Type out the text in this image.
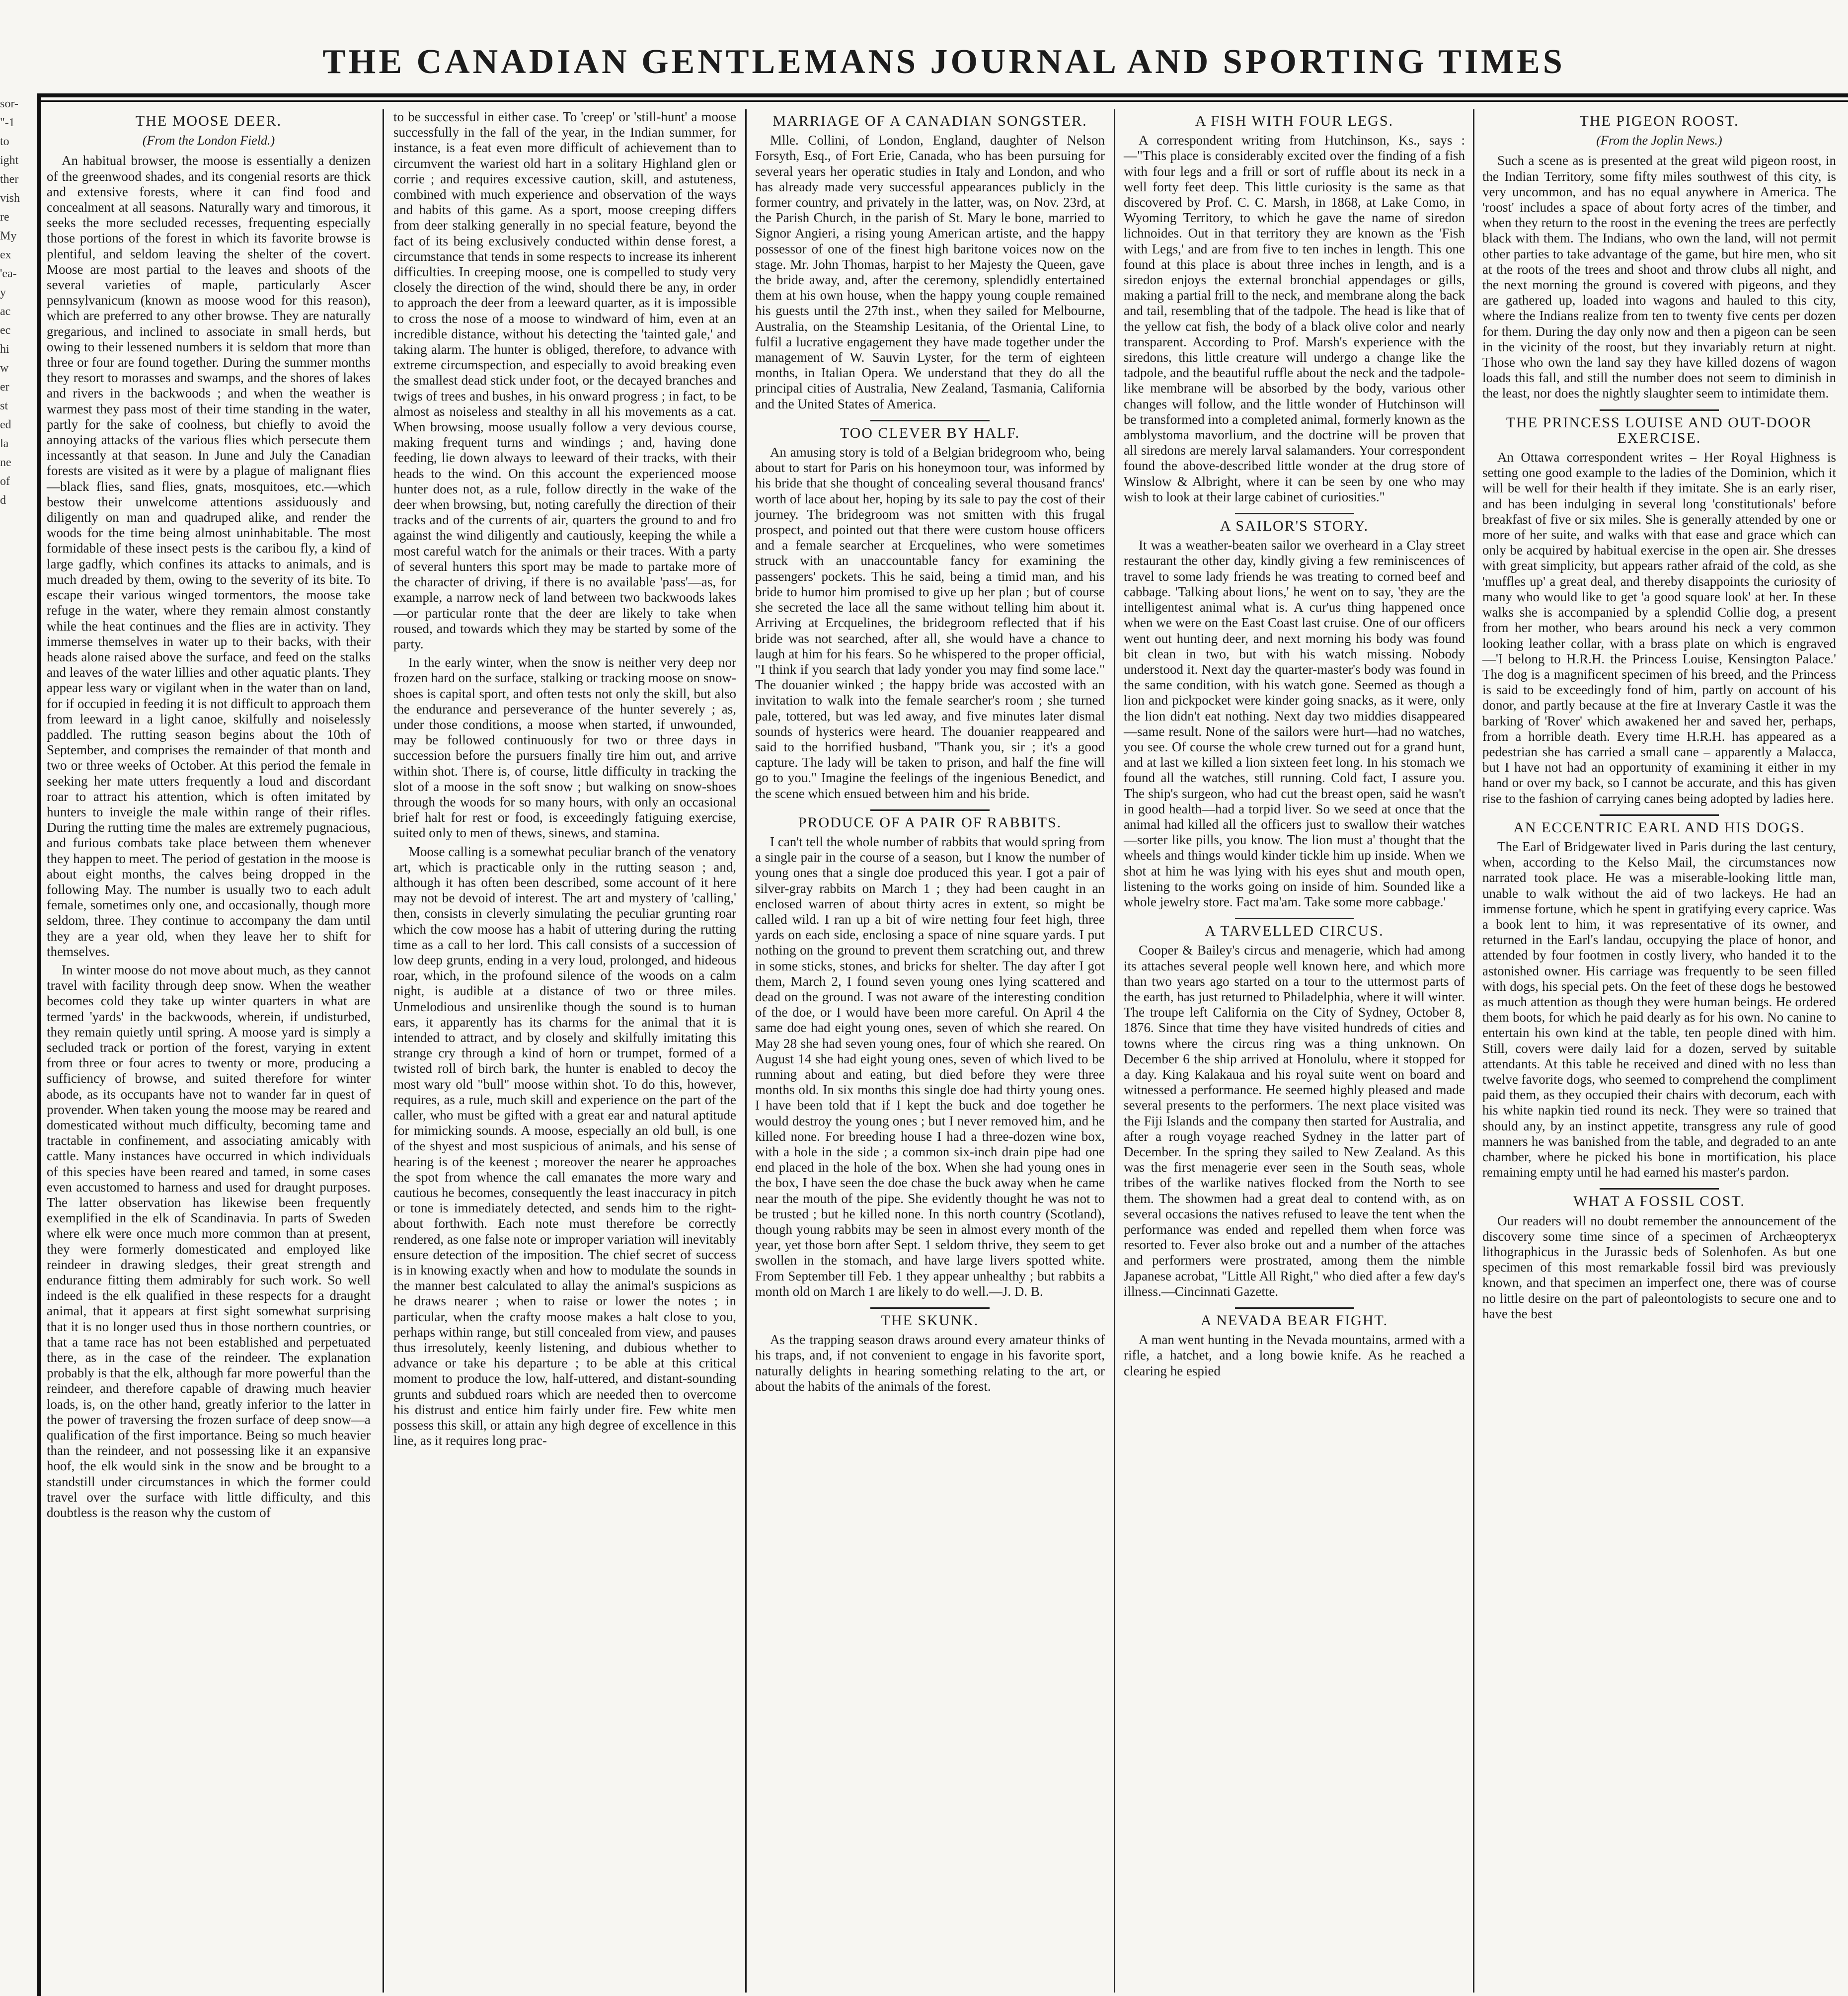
sor-
"-1
to
ight
ther
vish
re
My
ex
'ea-
y
ac
ec
hi
w
er
st
ed
la
ne
of
d
THE CANADIAN GENTLEMANS JOURNAL AND SPORTING TIMES
THE MOOSE DEER.
(From the London Field.)

An habitual browser, the moose is essentially a denizen of the greenwood shades, and its congenial resorts are thick and extensive forests, where it can find food and concealment at all seasons. Naturally wary and timorous, it seeks the more secluded recesses, frequenting especially those portions of the forest in which its favorite browse is plentiful, and seldom leaving the shelter of the covert. Moose are most partial to the leaves and shoots of the several varieties of maple, particularly Ascer pennsylvanicum (known as moose wood for this reason), which are preferred to any other browse. They are naturally gregarious, and inclined to associate in small herds, but owing to their lessened numbers it is seldom that more than three or four are found together. During the summer months they resort to morasses and swamps, and the shores of lakes and rivers in the backwoods ; and when the weather is warmest they pass most of their time standing in the water, partly for the sake of coolness, but chiefly to avoid the annoying attacks of the various flies which persecute them incessantly at that season. In June and July the Canadian forests are visited as it were by a plague of malignant flies—black flies, sand flies, gnats, mosquitoes, etc.—which bestow their unwelcome attentions assiduously and diligently on man and quadruped alike, and render the woods for the time being almost uninhabitable. The most formidable of these insect pests is the caribou fly, a kind of large gadfly, which confines its attacks to animals, and is much dreaded by them, owing to the severity of its bite. To escape their various winged tormentors, the moose take refuge in the water, where they remain almost constantly while the heat continues and the flies are in activity. They immerse themselves in water up to their backs, with their heads alone raised above the surface, and feed on the stalks and leaves of the water lillies and other aquatic plants. They appear less wary or vigilant when in the water than on land, for if occupied in feeding it is not difficult to approach them from leeward in a light canoe, skilfully and noiselessly paddled. The rutting season begins about the 10th of September, and comprises the remainder of that month and two or three weeks of October. At this period the female in seeking her mate utters frequently a loud and discordant roar to attract his attention, which is often imitated by hunters to inveigle the male within range of their rifles. During the rutting time the males are extremely pugnacious, and furious combats take place between them whenever they happen to meet. The period of gestation in the moose is about eight months, the calves being dropped in the following May. The number is usually two to each adult female, sometimes only one, and occasionally, though more seldom, three. They continue to accompany the dam until they are a year old, when they leave her to shift for themselves.

In winter moose do not move about much, as they cannot travel with facility through deep snow. When the weather becomes cold they take up winter quarters in what are termed 'yards' in the backwoods, wherein, if undisturbed, they remain quietly until spring. A moose yard is simply a secluded track or portion of the forest, varying in extent from three or four acres to twenty or more, producing a sufficiency of browse, and suited therefore for winter abode, as its occupants have not to wander far in quest of provender. When taken young the moose may be reared and domesticated without much difficulty, becoming tame and tractable in confinement, and associating amicably with cattle. Many instances have occurred in which individuals of this species have been reared and tamed, in some cases even accustomed to harness and used for draught purposes. The latter observation has likewise been frequently exemplified in the elk of Scandinavia. In parts of Sweden where elk were once much more common than at present, they were formerly domesticated and employed like reindeer in drawing sledges, their great strength and endurance fitting them admirably for such work. So well indeed is the elk qualified in these respects for a draught animal, that it appears at first sight somewhat surprising that it is no longer used thus in those northern countries, or that a tame race has not been established and perpetuated there, as in the case of the reindeer. The explanation probably is that the elk, although far more powerful than the reindeer, and therefore capable of drawing much heavier loads, is, on the other hand, greatly inferior to the latter in the power of traversing the frozen surface of deep snow—a qualification of the first importance. Being so much heavier than the reindeer, and not possessing like it an expansive hoof, the elk would sink in the snow and be brought to a standstill under circumstances in which the former could travel over the surface with little difficulty, and this doubtless is the reason why the custom of

to be successful in either case. To 'creep' or 'still-hunt' a moose successfully in the fall of the year, in the Indian summer, for instance, is a feat even more difficult of achievement than to circumvent the wariest old hart in a solitary Highland glen or corrie ; and requires excessive caution, skill, and astuteness, combined with much experience and observation of the ways and habits of this game. As a sport, moose creeping differs from deer stalking generally in no special feature, beyond the fact of its being exclusively conducted within dense forest, a circumstance that tends in some respects to increase its inherent difficulties. In creeping moose, one is compelled to study very closely the direction of the wind, should there be any, in order to approach the deer from a leeward quarter, as it is impossible to cross the nose of a moose to windward of him, even at an incredible distance, without his detecting the 'tainted gale,' and taking alarm. The hunter is obliged, therefore, to advance with extreme circumspection, and especially to avoid breaking even the smallest dead stick under foot, or the decayed branches and twigs of trees and bushes, in his onward progress ; in fact, to be almost as noiseless and stealthy in all his movements as a cat. When browsing, moose usually follow a very devious course, making frequent turns and windings ; and, having done feeding, lie down always to leeward of their tracks, with their heads to the wind. On this account the experienced moose hunter does not, as a rule, follow directly in the wake of the deer when browsing, but, noting carefully the direction of their tracks and of the currents of air, quarters the ground to and fro against the wind diligently and cautiously, keeping the while a most careful watch for the animals or their traces. With a party of several hunters this sport may be made to partake more of the character of driving, if there is no available 'pass'—as, for example, a narrow neck of land between two backwoods lakes—or particular ronte that the deer are likely to take when roused, and towards which they may be started by some of the party.

In the early winter, when the snow is neither very deep nor frozen hard on the surface, stalking or tracking moose on snow-shoes is capital sport, and often tests not only the skill, but also the endurance and perseverance of the hunter severely ; as, under those conditions, a moose when started, if unwounded, may be followed continuously for two or three days in succession before the pursuers finally tire him out, and arrive within shot. There is, of course, little difficulty in tracking the slot of a moose in the soft snow ; but walking on snow-shoes through the woods for so many hours, with only an occasional brief halt for rest or food, is exceedingly fatiguing exercise, suited only to men of thews, sinews, and stamina.

Moose calling is a somewhat peculiar branch of the venatory art, which is practicable only in the rutting season ; and, although it has often been described, some account of it here may not be devoid of interest. The art and mystery of 'calling,' then, consists in cleverly simulating the peculiar grunting roar which the cow moose has a habit of uttering during the rutting time as a call to her lord. This call consists of a succession of low deep grunts, ending in a very loud, prolonged, and hideous roar, which, in the profound silence of the woods on a calm night, is audible at a distance of two or three miles. Unmelodious and unsirenlike though the sound is to human ears, it apparently has its charms for the animal that it is intended to attract, and by closely and skilfully imitating this strange cry through a kind of horn or trumpet, formed of a twisted roll of birch bark, the hunter is enabled to decoy the most wary old "bull" moose within shot. To do this, however, requires, as a rule, much skill and experience on the part of the caller, who must be gifted with a great ear and natural aptitude for mimicking sounds. A moose, especially an old bull, is one of the shyest and most suspicious of animals, and his sense of hearing is of the keenest ; moreover the nearer he approaches the spot from whence the call emanates the more wary and cautious he becomes, consequently the least inaccuracy in pitch or tone is immediately detected, and sends him to the right-about forthwith. Each note must therefore be correctly rendered, as one false note or improper variation will inevitably ensure detection of the imposition. The chief secret of success is in knowing exactly when and how to modulate the sounds in the manner best calculated to allay the animal's suspicions as he draws nearer ; when to raise or lower the notes ; in particular, when the crafty moose makes a halt close to you, perhaps within range, but still concealed from view, and pauses thus irresolutely, keenly listening, and dubious whether to advance or take his departure ; to be able at this critical moment to produce the low, half-uttered, and distant-sounding grunts and subdued roars which are needed then to overcome his distrust and entice him fairly under fire. Few white men possess this skill, or attain any high degree of excellence in this line, as it requires long prac-

MARRIAGE OF A CANADIAN SONGSTER.

Mlle. Collini, of London, England, daughter of Nelson Forsyth, Esq., of Fort Erie, Canada, who has been pursuing for several years her operatic studies in Italy and London, and who has already made very successful appearances publicly in the former country, and privately in the latter, was, on Nov. 23rd, at the Parish Church, in the parish of St. Mary le bone, married to Signor Angieri, a rising young American artiste, and the happy possessor of one of the finest high baritone voices now on the stage. Mr. John Thomas, harpist to her Majesty the Queen, gave the bride away, and, after the ceremony, splendidly entertained them at his own house, when the happy young couple remained his guests until the 27th inst., when they sailed for Melbourne, Australia, on the Steamship Lesitania, of the Oriental Line, to fulfil a lucrative engagement they have made together under the management of W. Sauvin Lyster, for the term of eighteen months, in Italian Opera. We understand that they do all the principal cities of Australia, New Zealand, Tasmania, California and the United States of America.

TOO CLEVER BY HALF.

An amusing story is told of a Belgian bridegroom who, being about to start for Paris on his honeymoon tour, was informed by his bride that she thought of concealing several thousand francs' worth of lace about her, hoping by its sale to pay the cost of their journey. The bridegroom was not smitten with this frugal prospect, and pointed out that there were custom house officers and a female searcher at Ercquelines, who were sometimes struck with an unaccountable fancy for examining the passengers' pockets. This he said, being a timid man, and his bride to humor him promised to give up her plan ; but of course she secreted the lace all the same without telling him about it. Arriving at Ercquelines, the bridegroom reflected that if his bride was not searched, after all, she would have a chance to laugh at him for his fears. So he whispered to the proper official, "I think if you search that lady yonder you may find some lace." The douanier winked ; the happy bride was accosted with an invitation to walk into the female searcher's room ; she turned pale, tottered, but was led away, and five minutes later dismal sounds of hysterics were heard. The douanier reappeared and said to the horrified husband, "Thank you, sir ; it's a good capture. The lady will be taken to prison, and half the fine will go to you." Imagine the feelings of the ingenious Benedict, and the scene which ensued between him and his bride.

PRODUCE OF A PAIR OF RABBITS.

I can't tell the whole number of rabbits that would spring from a single pair in the course of a season, but I know the number of young ones that a single doe produced this year. I got a pair of silver-gray rabbits on March 1 ; they had been caught in an enclosed warren of about thirty acres in extent, so might be called wild. I ran up a bit of wire netting four feet high, three yards on each side, enclosing a space of nine square yards. I put nothing on the ground to prevent them scratching out, and threw in some sticks, stones, and bricks for shelter. The day after I got them, March 2, I found seven young ones lying scattered and dead on the ground. I was not aware of the interesting condition of the doe, or I would have been more careful. On April 4 the same doe had eight young ones, seven of which she reared. On May 28 she had seven young ones, four of which she reared. On August 14 she had eight young ones, seven of which lived to be running about and eating, but died before they were three months old. In six months this single doe had thirty young ones. I have been told that if I kept the buck and doe together he would destroy the young ones ; but I never removed him, and he killed none. For breeding house I had a three-dozen wine box, with a hole in the side ; a common six-inch drain pipe had one end placed in the hole of the box. When she had young ones in the box, I have seen the doe chase the buck away when he came near the mouth of the pipe. She evidently thought he was not to be trusted ; but he killed none. In this north country (Scotland), though young rabbits may be seen in almost every month of the year, yet those born after Sept. 1 seldom thrive, they seem to get swollen in the stomach, and have large livers spotted white. From September till Feb. 1 they appear unhealthy ; but rabbits a month old on March 1 are likely to do well.—J. D. B.

THE SKUNK.

As the trapping season draws around every amateur thinks of his traps, and, if not convenient to engage in his favorite sport, naturally delights in hearing something relating to the art, or about the habits of the animals of the forest.

A FISH WITH FOUR LEGS.

A correspondent writing from Hutchinson, Ks., says :—"This place is considerably excited over the finding of a fish with four legs and a frill or sort of ruffle about its neck in a well forty feet deep. This little curiosity is the same as that discovered by Prof. C. C. Marsh, in 1868, at Lake Como, in Wyoming Territory, to which he gave the name of siredon lichnoides. Out in that territory they are known as the 'Fish with Legs,' and are from five to ten inches in length. This one found at this place is about three inches in length, and is a siredon enjoys the external bronchial appendages or gills, making a partial frill to the neck, and membrane along the back and tail, resembling that of the tadpole. The head is like that of the yellow cat fish, the body of a black olive color and nearly transparent. According to Prof. Marsh's experience with the siredons, this little creature will undergo a change like the tadpole, and the beautiful ruffle about the neck and the tadpole-like membrane will be absorbed by the body, various other changes will follow, and the little wonder of Hutchinson will be transformed into a completed animal, formerly known as the amblystoma mavorlium, and the doctrine will be proven that all siredons are merely larval salamanders. Your correspondent found the above-described little wonder at the drug store of Winslow & Albright, where it can be seen by one who may wish to look at their large cabinet of curiosities."

A SAILOR'S STORY.

It was a weather-beaten sailor we overheard in a Clay street restaurant the other day, kindly giving a few reminiscences of travel to some lady friends he was treating to corned beef and cabbage. 'Talking about lions,' he went on to say, 'they are the intelligentest animal what is. A cur'us thing happened once when we were on the East Coast last cruise. One of our officers went out hunting deer, and next morning his body was found bit clean in two, but with his watch missing. Nobody understood it. Next day the quarter-master's body was found in the same condition, with his watch gone. Seemed as though a lion and pickpocket were kinder going snacks, as it were, only the lion didn't eat nothing. Next day two middies disappeared—same result. None of the sailors were hurt—had no watches, you see. Of course the whole crew turned out for a grand hunt, and at last we killed a lion sixteen feet long. In his stomach we found all the watches, still running. Cold fact, I assure you. The ship's surgeon, who had cut the breast open, said he wasn't in good health—had a torpid liver. So we seed at once that the animal had killed all the officers just to swallow their watches—sorter like pills, you know. The lion must a' thought that the wheels and things would kinder tickle him up inside. When we shot at him he was lying with his eyes shut and mouth open, listening to the works going on inside of him. Sounded like a whole jewelry store. Fact ma'am. Take some more cabbage.'

A TARVELLED CIRCUS.

Cooper & Bailey's circus and menagerie, which had among its attaches several people well known here, and which more than two years ago started on a tour to the uttermost parts of the earth, has just returned to Philadelphia, where it will winter. The troupe left California on the City of Sydney, October 8, 1876. Since that time they have visited hundreds of cities and towns where the circus ring was a thing unknown. On December 6 the ship arrived at Honolulu, where it stopped for a day. King Kalakaua and his royal suite went on board and witnessed a performance. He seemed highly pleased and made several presents to the performers. The next place visited was the Fiji Islands and the company then started for Australia, and after a rough voyage reached Sydney in the latter part of December. In the spring they sailed to New Zealand. As this was the first menagerie ever seen in the South seas, whole tribes of the warlike natives flocked from the North to see them. The showmen had a great deal to contend with, as on several occasions the natives refused to leave the tent when the performance was ended and repelled them when force was resorted to. Fever also broke out and a number of the attaches and performers were prostrated, among them the nimble Japanese acrobat, "Little All Right," who died after a few day's illness.—Cincinnati Gazette.

A NEVADA BEAR FIGHT.

A man went hunting in the Nevada mountains, armed with a rifle, a hatchet, and a long bowie knife. As he reached a clearing he espied

THE PIGEON ROOST.
(From the Joplin News.)

Such a scene as is presented at the great wild pigeon roost, in the Indian Territory, some fifty miles southwest of this city, is very uncommon, and has no equal anywhere in America. The 'roost' includes a space of about forty acres of the timber, and when they return to the roost in the evening the trees are perfectly black with them. The Indians, who own the land, will not permit other parties to take advantage of the game, but hire men, who sit at the roots of the trees and shoot and throw clubs all night, and the next morning the ground is covered with pigeons, and they are gathered up, loaded into wagons and hauled to this city, where the Indians realize from ten to twenty five cents per dozen for them. During the day only now and then a pigeon can be seen in the vicinity of the roost, but they invariably return at night. Those who own the land say they have killed dozens of wagon loads this fall, and still the number does not seem to diminish in the least, nor does the nightly slaughter seem to intimidate them.

THE PRINCESS LOUISE AND OUT-DOOR EXERCISE.

An Ottawa correspondent writes – Her Royal Highness is setting one good example to the ladies of the Dominion, which it will be well for their health if they imitate. She is an early riser, and has been indulging in several long 'constitutionals' before breakfast of five or six miles. She is generally attended by one or more of her suite, and walks with that ease and grace which can only be acquired by habitual exercise in the open air. She dresses with great simplicity, but appears rather afraid of the cold, as she 'muffles up' a great deal, and thereby disappoints the curiosity of many who would like to get 'a good square look' at her. In these walks she is accompanied by a splendid Collie dog, a present from her mother, who bears around his neck a very common looking leather collar, with a brass plate on which is engraved —'I belong to H.R.H. the Princess Louise, Kensington Palace.' The dog is a magnificent specimen of his breed, and the Princess is said to be exceedingly fond of him, partly on account of his donor, and partly because at the fire at Inverary Castle it was the barking of 'Rover' which awakened her and saved her, perhaps, from a horrible death. Every time H.R.H. has appeared as a pedestrian she has carried a small cane – apparently a Malacca, but I have not had an opportunity of examining it either in my hand or over my back, so I cannot be accurate, and this has given rise to the fashion of carrying canes being adopted by ladies here.

AN ECCENTRIC EARL AND HIS DOGS.

The Earl of Bridgewater lived in Paris during the last century, when, according to the Kelso Mail, the circumstances now narrated took place. He was a miserable-looking little man, unable to walk without the aid of two lackeys. He had an immense fortune, which he spent in gratifying every caprice. Was a book lent to him, it was representative of its owner, and returned in the Earl's landau, occupying the place of honor, and attended by four footmen in costly livery, who handed it to the astonished owner. His carriage was frequently to be seen filled with dogs, his special pets. On the feet of these dogs he bestowed as much attention as though they were human beings. He ordered them boots, for which he paid dearly as for his own. No canine to entertain his own kind at the table, ten people dined with him. Still, covers were daily laid for a dozen, served by suitable attendants. At this table he received and dined with no less than twelve favorite dogs, who seemed to comprehend the compliment paid them, as they occupied their chairs with decorum, each with his white napkin tied round its neck. They were so trained that should any, by an instinct appetite, transgress any rule of good manners he was banished from the table, and degraded to an ante chamber, where he picked his bone in mortification, his place remaining empty until he had earned his master's pardon.

WHAT A FOSSIL COST.

Our readers will no doubt remember the announcement of the discovery some time since of a specimen of Archæopteryx lithographicus in the Jurassic beds of Solenhofen. As but one specimen of this most remarkable fossil bird was previously known, and that specimen an imperfect one, there was of course no little desire on the part of paleontologists to secure one and to have the best
